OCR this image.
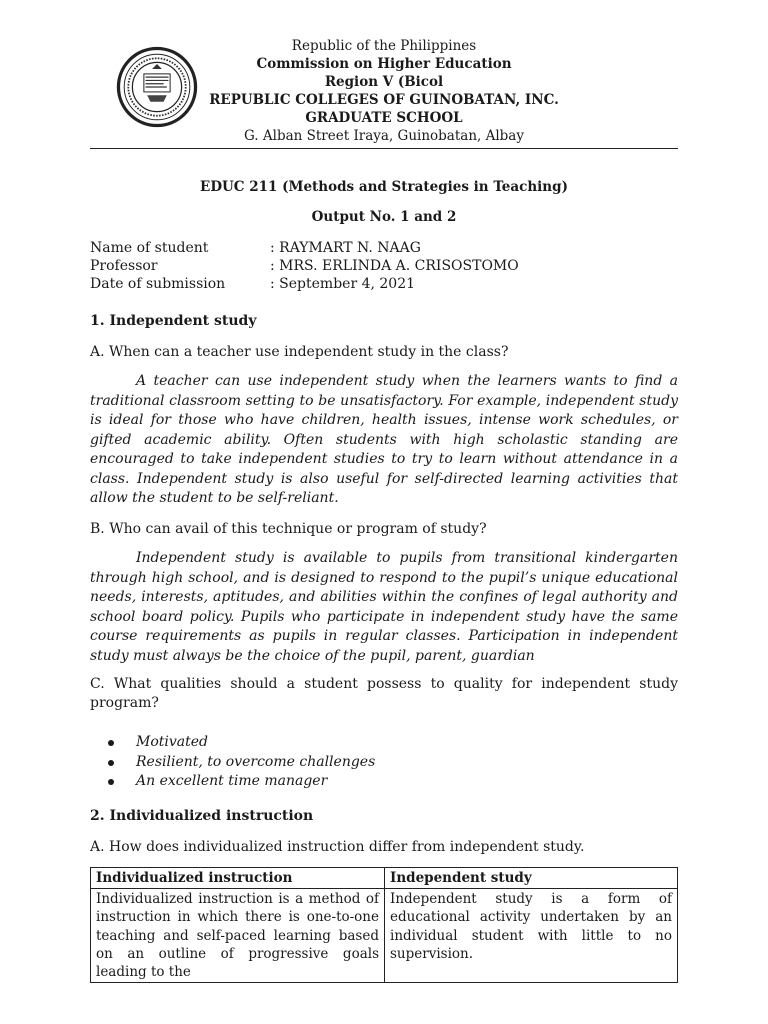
Republic of the Philippines
Commission on Higher Education
Region V (Bicol
REPUBLIC COLLEGES OF GUINOBATAN, INC.
GRADUATE SCHOOL
G. Alban Street Iraya, Guinobatan, Albay
EDUC 211 (Methods and Strategies in Teaching)
Output No. 1 and 2
Name of student	: RAYMART N. NAAG
Professor	: MRS. ERLINDA A. CRISOSTOMO
Date of submission	: September 4, 2021
1. Independent study
A. When can a teacher use independent study in the class?
A teacher can use independent study when the learners wants to find a traditional classroom setting to be unsatisfactory. For example, independent study is ideal for those who have children, health issues, intense work schedules, or gifted academic ability. Often students with high scholastic standing are encouraged to take independent studies to try to learn without attendance in a class. Independent study is also useful for self-directed learning activities that allow the student to be self-reliant.
B. Who can avail of this technique or program of study?
Independent study is available to pupils from transitional kindergarten through high school, and is designed to respond to the pupil’s unique educational needs, interests, aptitudes, and abilities within the confines of legal authority and school board policy. Pupils who participate in independent study have the same course requirements as pupils in regular classes. Participation in independent study must always be the choice of the pupil, parent, guardian
C. What qualities should a student possess to quality for independent study program?
Motivated
Resilient, to overcome challenges
An excellent time manager
2. Individualized instruction
A. How does individualized instruction differ from independent study.
Individualized instruction	Independent study
Individualized instruction is a method of instruction in which there is one-to-one teaching and self-paced learning based on an outline of progressive goals leading to the	Independent study is a form of educational activity undertaken by an individual student with little to no supervision.
